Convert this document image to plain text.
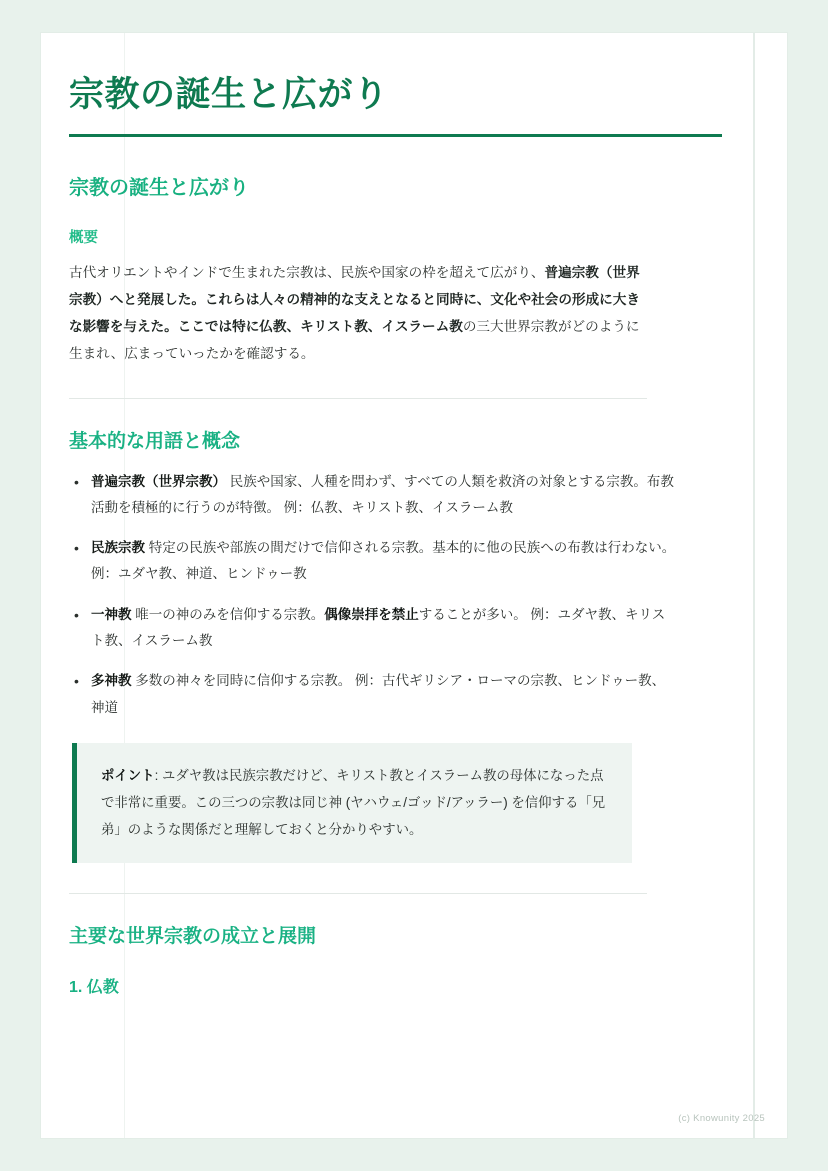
宗教の誕生と広がり
宗教の誕生と広がり
概要

古代オリエントやインドで生まれた宗教は、民族や国家の枠を超えて広がり、普遍宗教（世界宗教）へと発展した。これらは人々の精神的な支えとなると同時に、文化や社会の形成に大きな影響を与えた。ここでは特に仏教、キリスト教、イスラーム教の三大世界宗教がどのように生まれ、広まっていったかを確認する。

基本的な用語と概念
• 普遍宗教（世界宗教） 民族や国家、人種を問わず、すべての人類を救済の対象とする宗教。布教活動を積極的に行うのが特徴。 例：仏教、キリスト教、イスラーム教
• 民族宗教 特定の民族や部族の間だけで信仰される宗教。基本的に他の民族への布教は行わない。 例：ユダヤ教、神道、ヒンドゥー教
• 一神教 唯一の神のみを信仰する宗教。偶像崇拝を禁止することが多い。 例：ユダヤ教、キリスト教、イスラーム教
• 多神教 多数の神々を同時に信仰する宗教。 例：古代ギリシア・ローマの宗教、ヒンドゥー教、神道

ポイント: ユダヤ教は民族宗教だけど、キリスト教とイスラーム教の母体になった点で非常に重要。この三つの宗教は同じ神 (ヤハウェ/ゴッド/アッラー) を信仰する「兄弟」のような関係だと理解しておくと分かりやすい。

主要な世界宗教の成立と展開
1. 仏教
(c) Knowunity 2025
